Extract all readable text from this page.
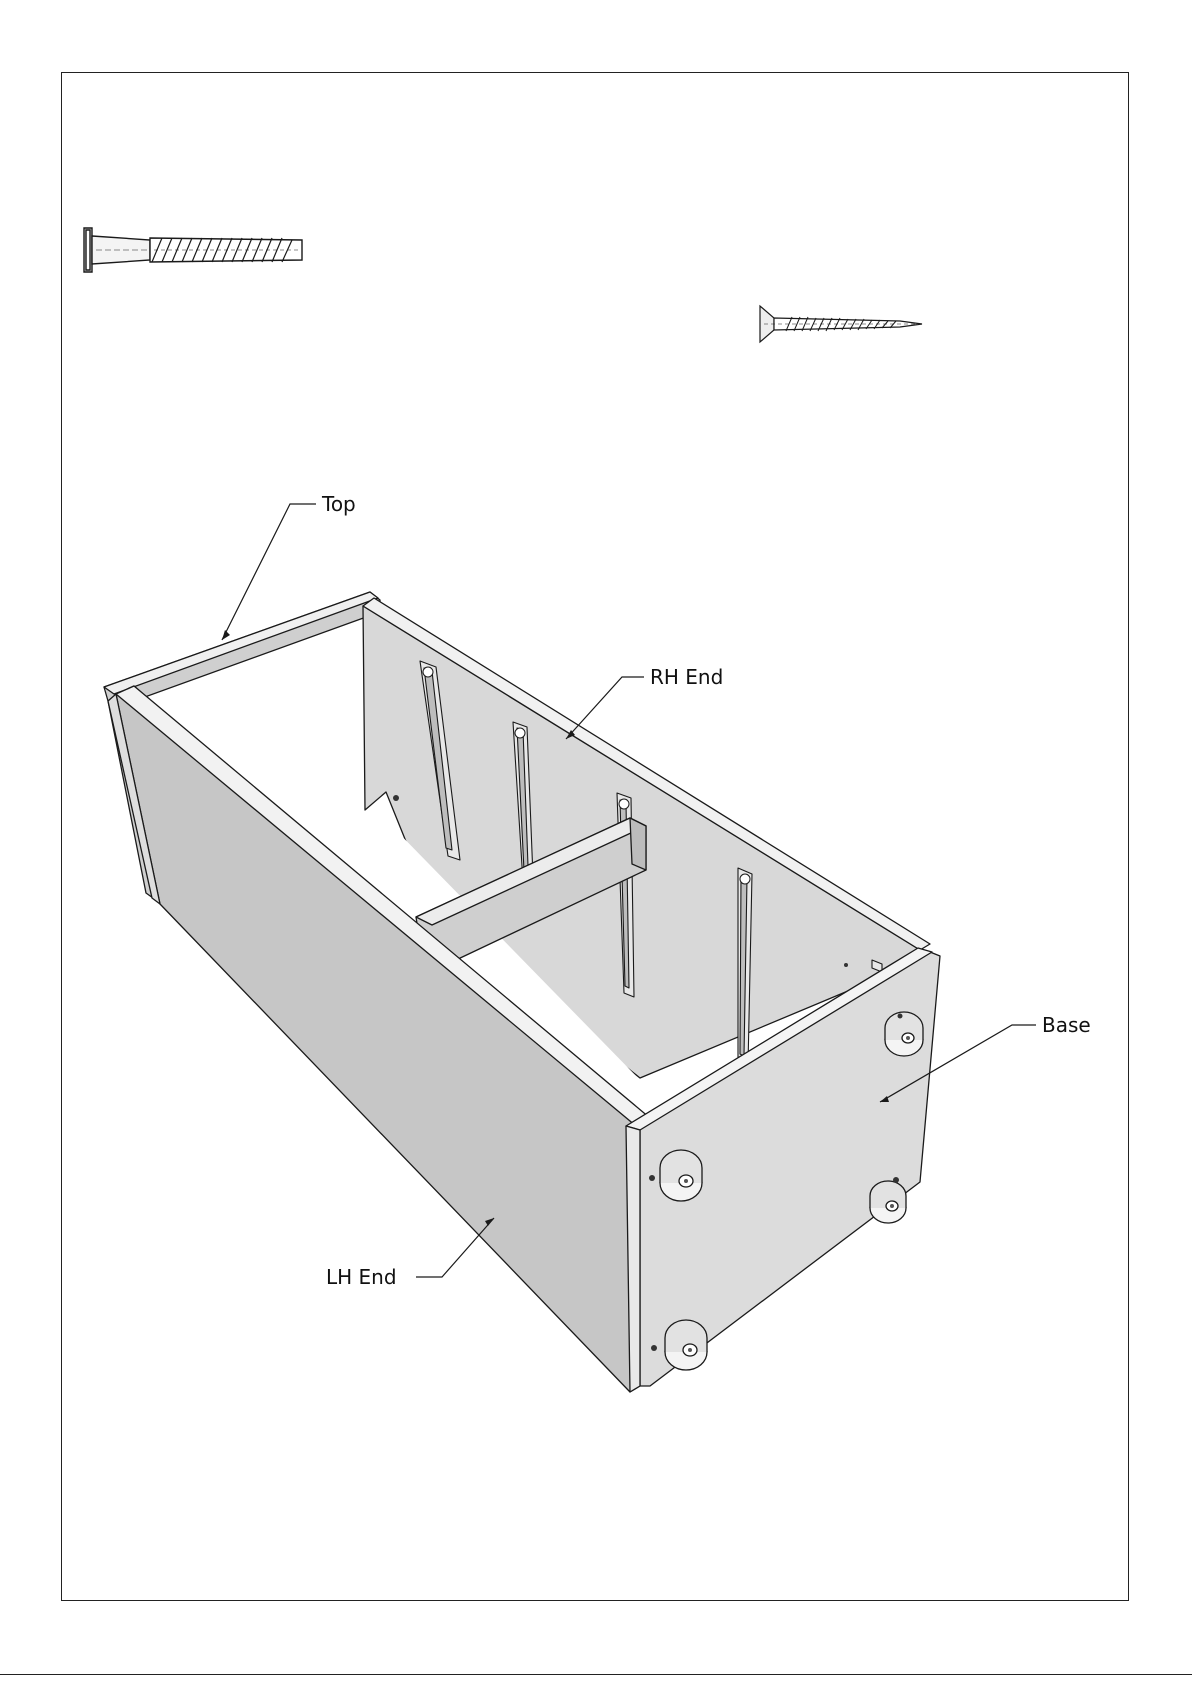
Top
RH End
Base
LH End
